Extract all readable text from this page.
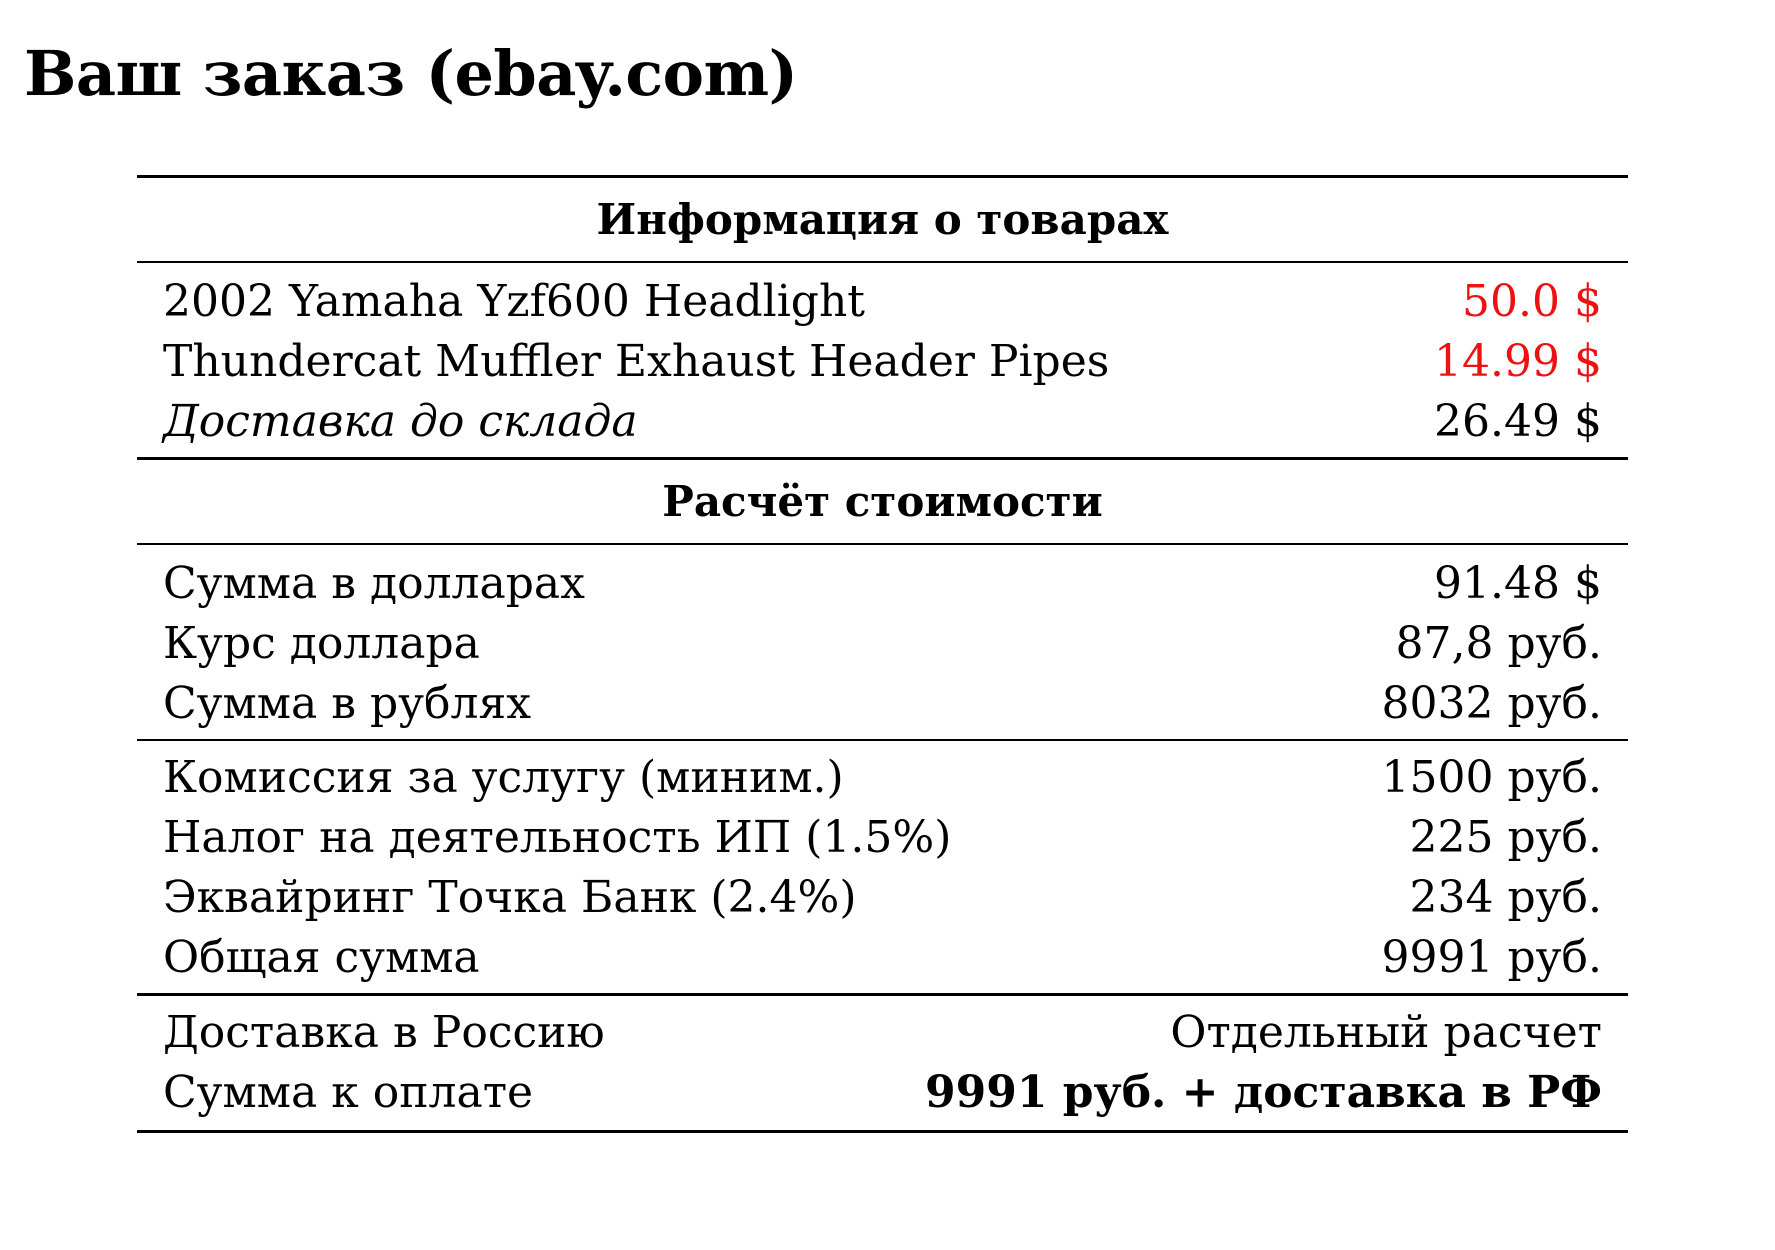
Ваш заказ (ebay.com)
Информация о товарах
2002 Yamaha Yzf600 Headlight	50.0 $
Thundercat Muffler Exhaust Header Pipes	14.99 $
Доставка до склада	26.49 $
Расчёт стоимости
Сумма в долларах	91.48 $
Курс доллара	87,8 руб.
Сумма в рублях	8032 руб.
Комиссия за услугу (миним.)	1500 руб.
Налог на деятельность ИП (1.5%)	225 руб.
Эквайринг Точка Банк (2.4%)	234 руб.
Общая сумма	9991 руб.
Доставка в Россию	Отдельный расчет
Сумма к оплате	9991 руб. + доставка в РФ
